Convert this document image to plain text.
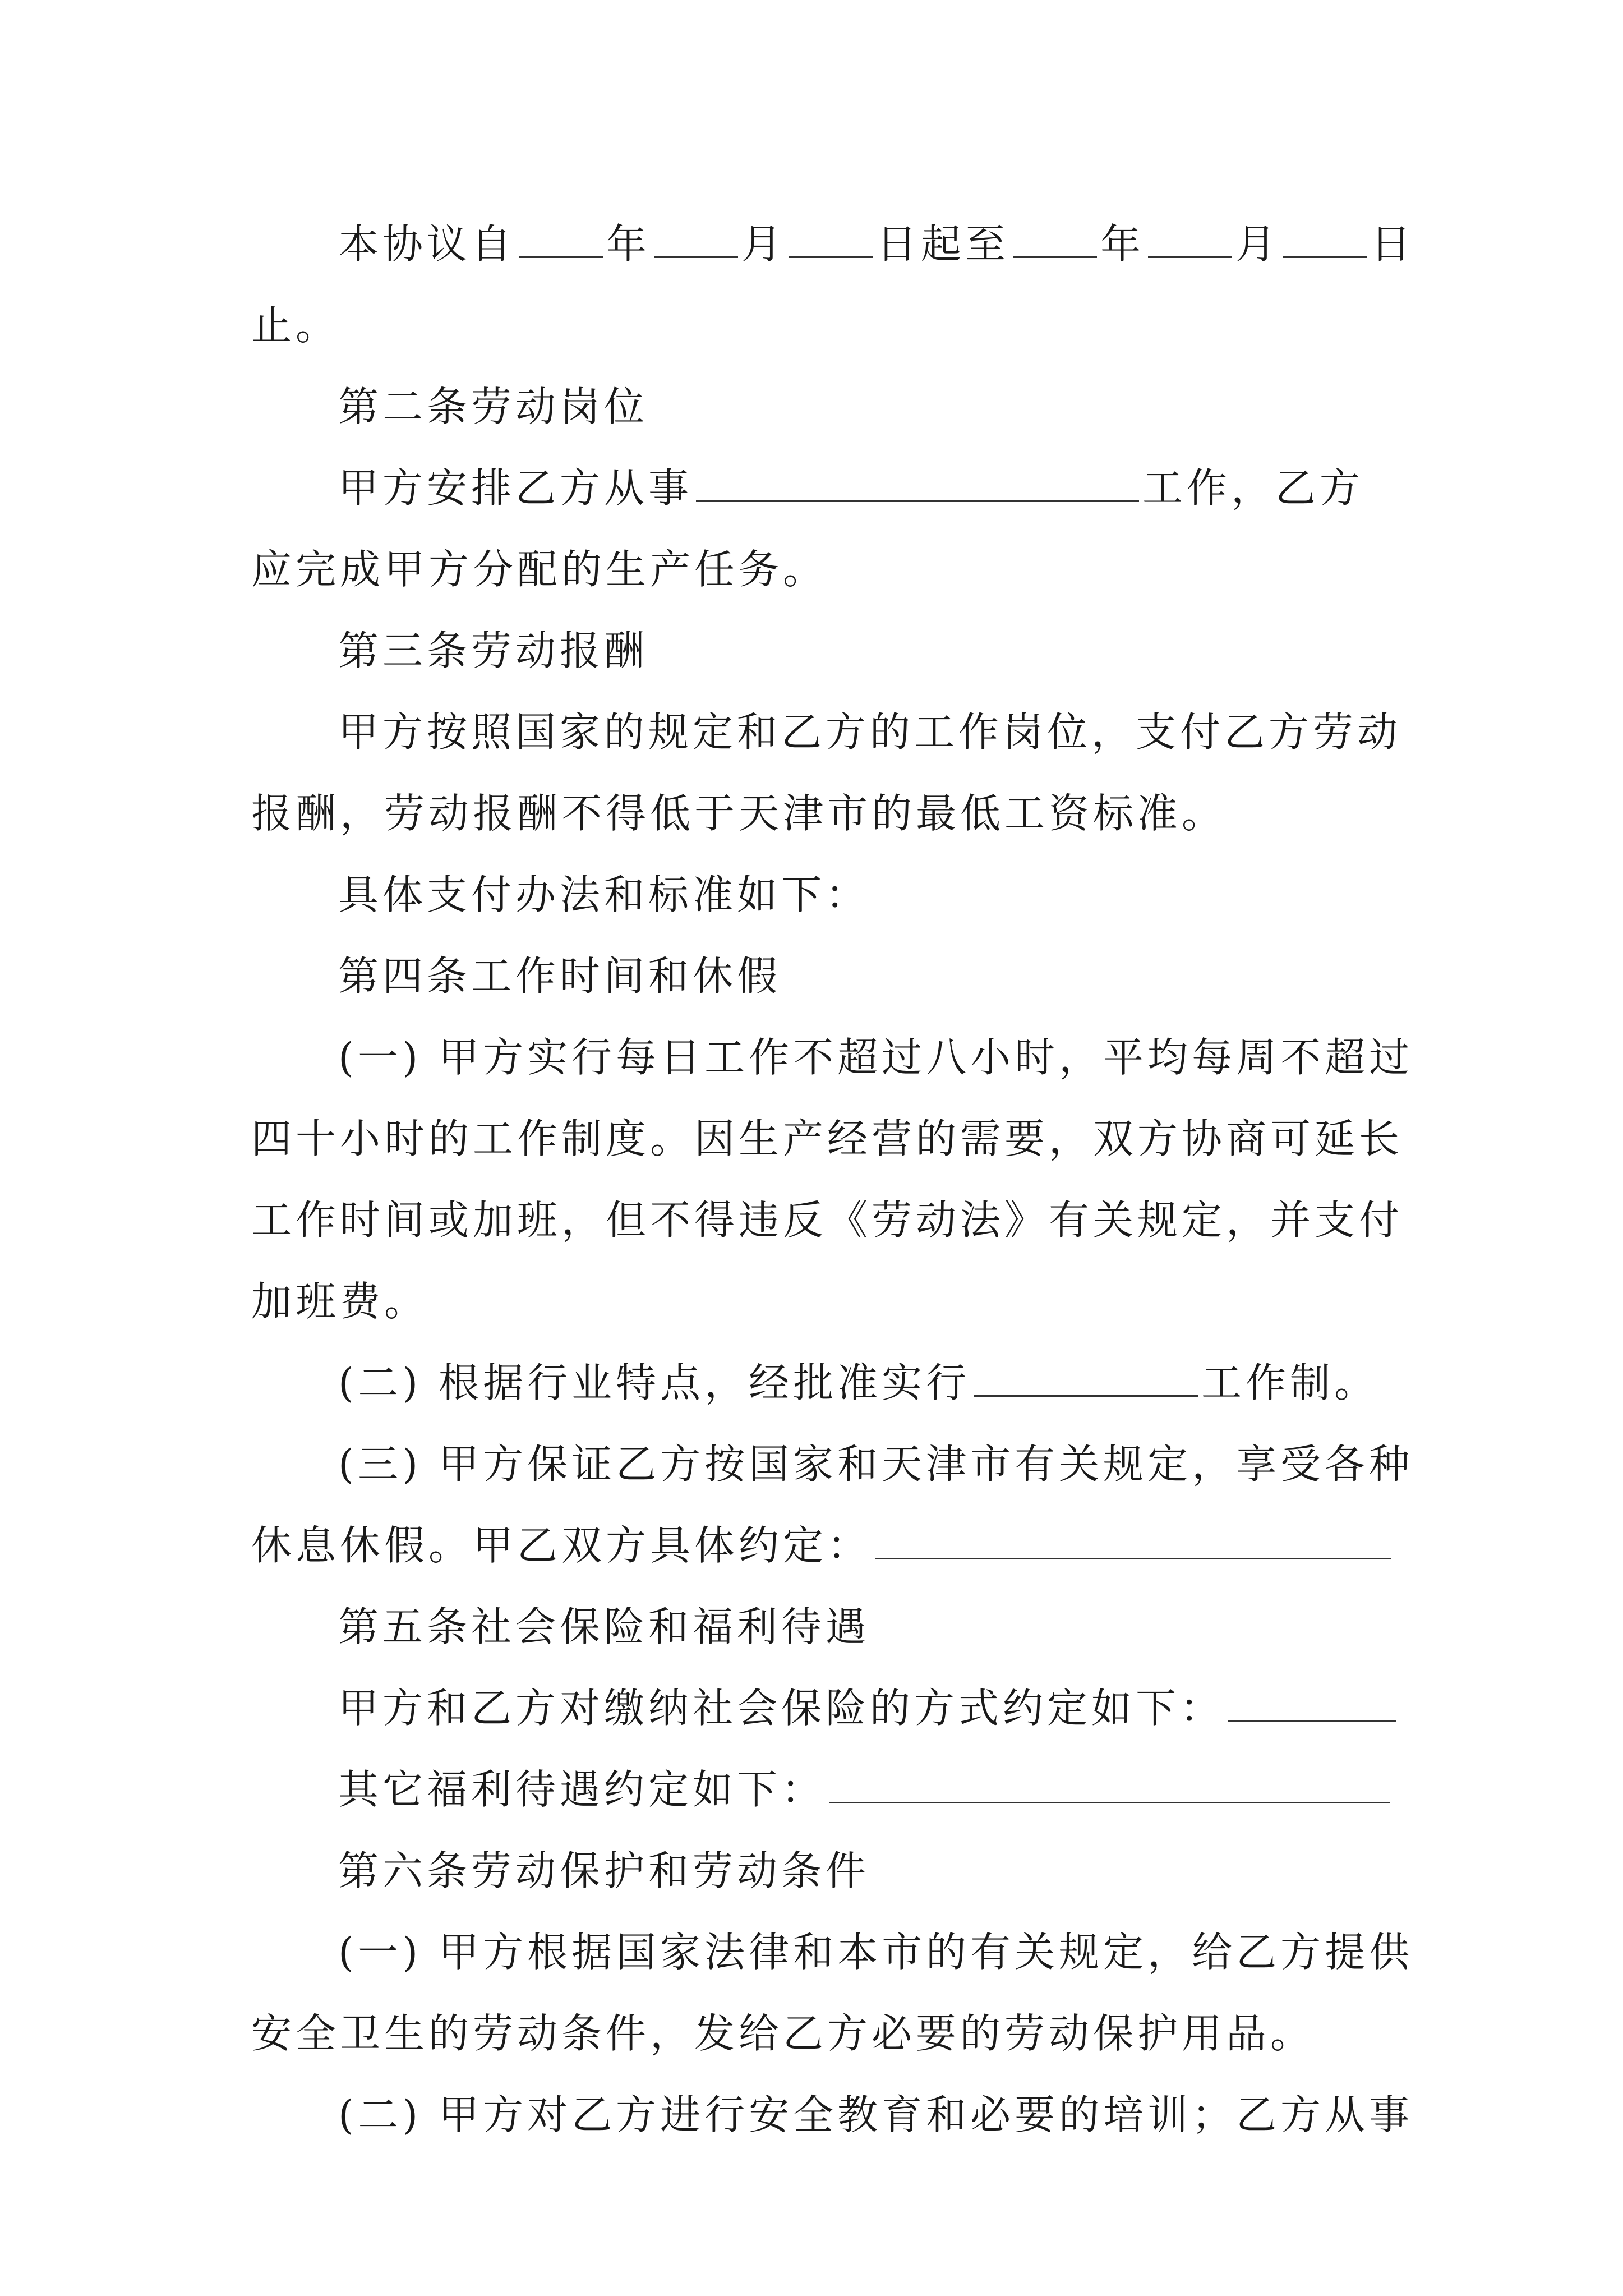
本协议自 年 月 日起至 年 月 日
止。
第二条劳动岗位
甲方安排乙方从事	工作，乙方
应完成甲方分配的生产任务。
第三条劳动报酬
甲方按照国家的规定和乙方的工作岗位，支付乙方劳动
报酬，劳动报酬不得低于天津市的最低工资标准。
具体支付办法和标准如下：
第四条工作时间和休假
(一) 甲方实行每日工作不超过八小时，平均每周不超过
四十小时的工作制度。因生产经营的需要，双方协商可延长
工作时间或加班，但不得违反《劳动法》有关规定，并支付
加班费。
(二) 根据行业特点，经批准实行	工作制。
(三) 甲方保证乙方按国家和天津市有关规定，享受各种
休息休假。甲乙双方具体约定：
第五条社会保险和福利待遇
甲方和乙方对缴纳社会保险的方式约定如下：
其它福利待遇约定如下：
第六条劳动保护和劳动条件
(一) 甲方根据国家法律和本市的有关规定，给乙方提供
安全卫生的劳动条件，发给乙方必要的劳动保护用品。
(二) 甲方对乙方进行安全教育和必要的培训；乙方从事
